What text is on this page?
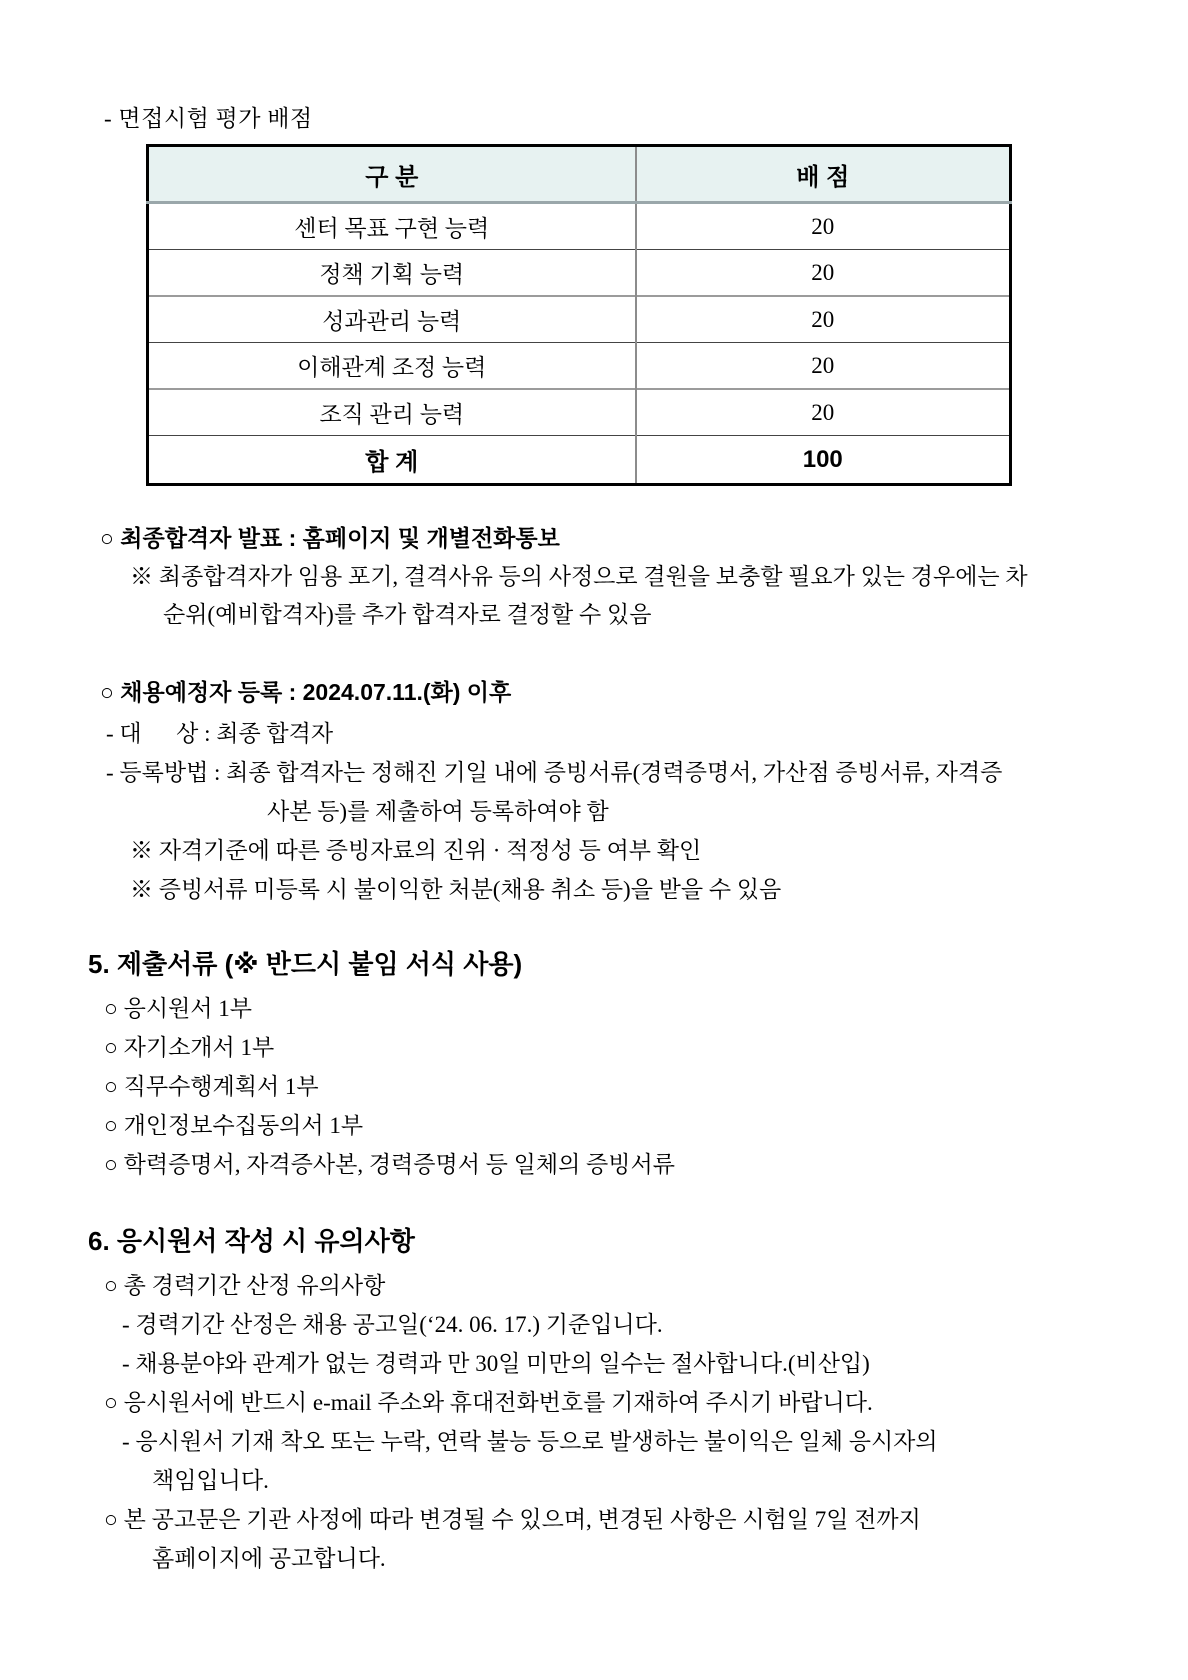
- 면접시험 평가 배점
구 분	배 점
센터 목표 구현 능력	20
정책 기획 능력	20
성과관리 능력	20
이해관계 조정 능력	20
조직 관리 능력	20
합 계	100
○ 최종합격자 발표 : 홈페이지 및 개별전화통보
※ 최종합격자가 임용 포기, 결격사유 등의 사정으로 결원을 보충할 필요가 있는 경우에는 차
순위(예비합격자)를 추가 합격자로 결정할 수 있음
○ 채용예정자 등록 : 2024.07.11.(화) 이후
- 대      상 : 최종 합격자
- 등록방법 : 최종 합격자는 정해진 기일 내에 증빙서류(경력증명서, 가산점 증빙서류, 자격증
사본 등)를 제출하여 등록하여야 함
※ 자격기준에 따른 증빙자료의 진위 · 적정성 등 여부 확인
※ 증빙서류 미등록 시 불이익한 처분(채용 취소 등)을 받을 수 있음
5. 제출서류 (※ 반드시 붙임 서식 사용)
○ 응시원서 1부
○ 자기소개서 1부
○ 직무수행계획서 1부
○ 개인정보수집동의서 1부
○ 학력증명서, 자격증사본, 경력증명서 등 일체의 증빙서류
6. 응시원서 작성 시 유의사항
○ 총 경력기간 산정 유의사항
- 경력기간 산정은 채용 공고일(‘24. 06. 17.) 기준입니다.
- 채용분야와 관계가 없는 경력과 만 30일 미만의 일수는 절사합니다.(비산입)
○ 응시원서에 반드시 e-mail 주소와 휴대전화번호를 기재하여 주시기 바랍니다.
- 응시원서 기재 착오 또는 누락, 연락 불능 등으로 발생하는 불이익은 일체 응시자의
책임입니다.
○ 본 공고문은 기관 사정에 따라 변경될 수 있으며, 변경된 사항은 시험일 7일 전까지
홈페이지에 공고합니다.
